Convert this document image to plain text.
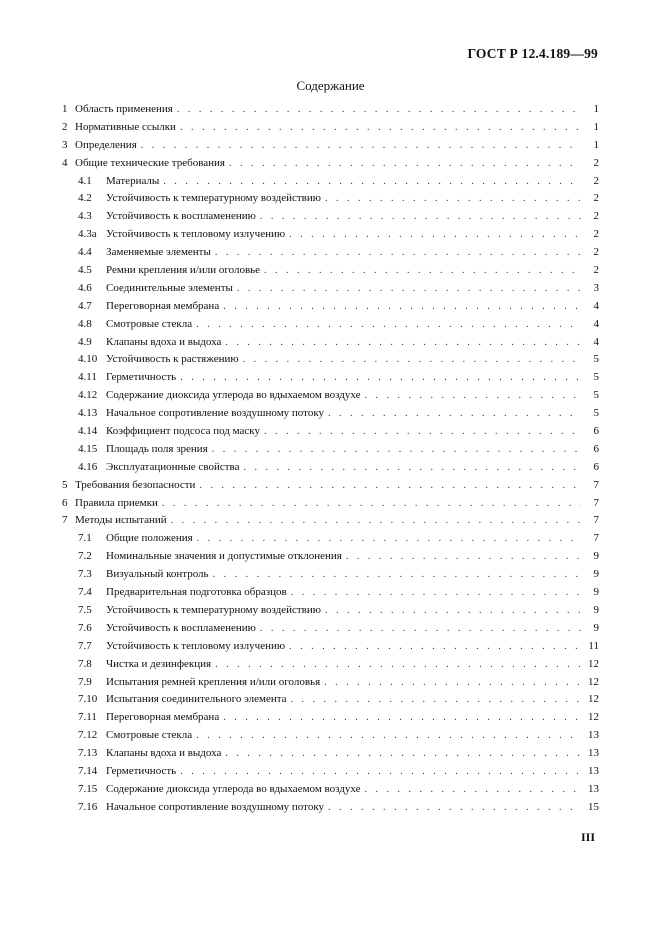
ГОСТ Р 12.4.189—99
Содержание
1 Область применения . . .	1
2 Нормативные ссылки . . .	1
3 Определения . . .	1
4 Общие технические требования . . .	2
4.1	Материалы . . .	2
4.2	Устойчивость к температурному воздействию . . .	2
4.3	Устойчивость к воспламенению . . .	2
4.3а Устойчивость к тепловому излучению . . .	2
4.4	Заменяемые элементы . . .	2
4.5	Ремни крепления и/или оголовье . . .	2
4.6	Соединительные элементы . . .	3
4.7	Переговорная мембрана . . .	4
4.8	Смотровые стекла . . .	4
4.9	Клапаны вдоха и выдоха . . .	4
4.10 Устойчивость к растяжению . . .	5
4.11 Герметичность . . .	5
4.12 Содержание диоксида углерода во вдыхаемом воздухе . . .	5
4.13 Начальное сопротивление воздушному потоку . . .	5
4.14 Коэффициент подсоса под маску . . .	6
4.15 Площадь поля зрения . . .	6
4.16 Эксплуатационные свойства . . .	6
5 Требования безопасности . . .	7
6 Правила приемки . . .	7
7 Методы испытаний . . .	7
7.1	Общие положения . . .	7
7.2	Номинальные значения и допустимые отклонения . . .	9
7.3	Визуальный контроль . . .	9
7.4	Предварительная подготовка образцов . . .	9
7.5	Устойчивость к температурному воздействию . . .	9
7.6	Устойчивость к воспламенению . . .	9
7.7	Устойчивость к тепловому излучению . . .	11
7.8	Чистка и дезинфекция . . .	12
7.9	Испытания ремней крепления и/или оголовья . . .	12
7.10 Испытания соединительного элемента . . .	12
7.11 Переговорная мембрана . . .	12
7.12 Смотровые стекла . . .	13
7.13 Клапаны вдоха и выдоха . . .	13
7.14 Герметичность . . .	13
7.15 Содержание диоксида углерода во вдыхаемом воздухе . . .	13
7.16 Начальное сопротивление воздушному потоку . . .	15
III
